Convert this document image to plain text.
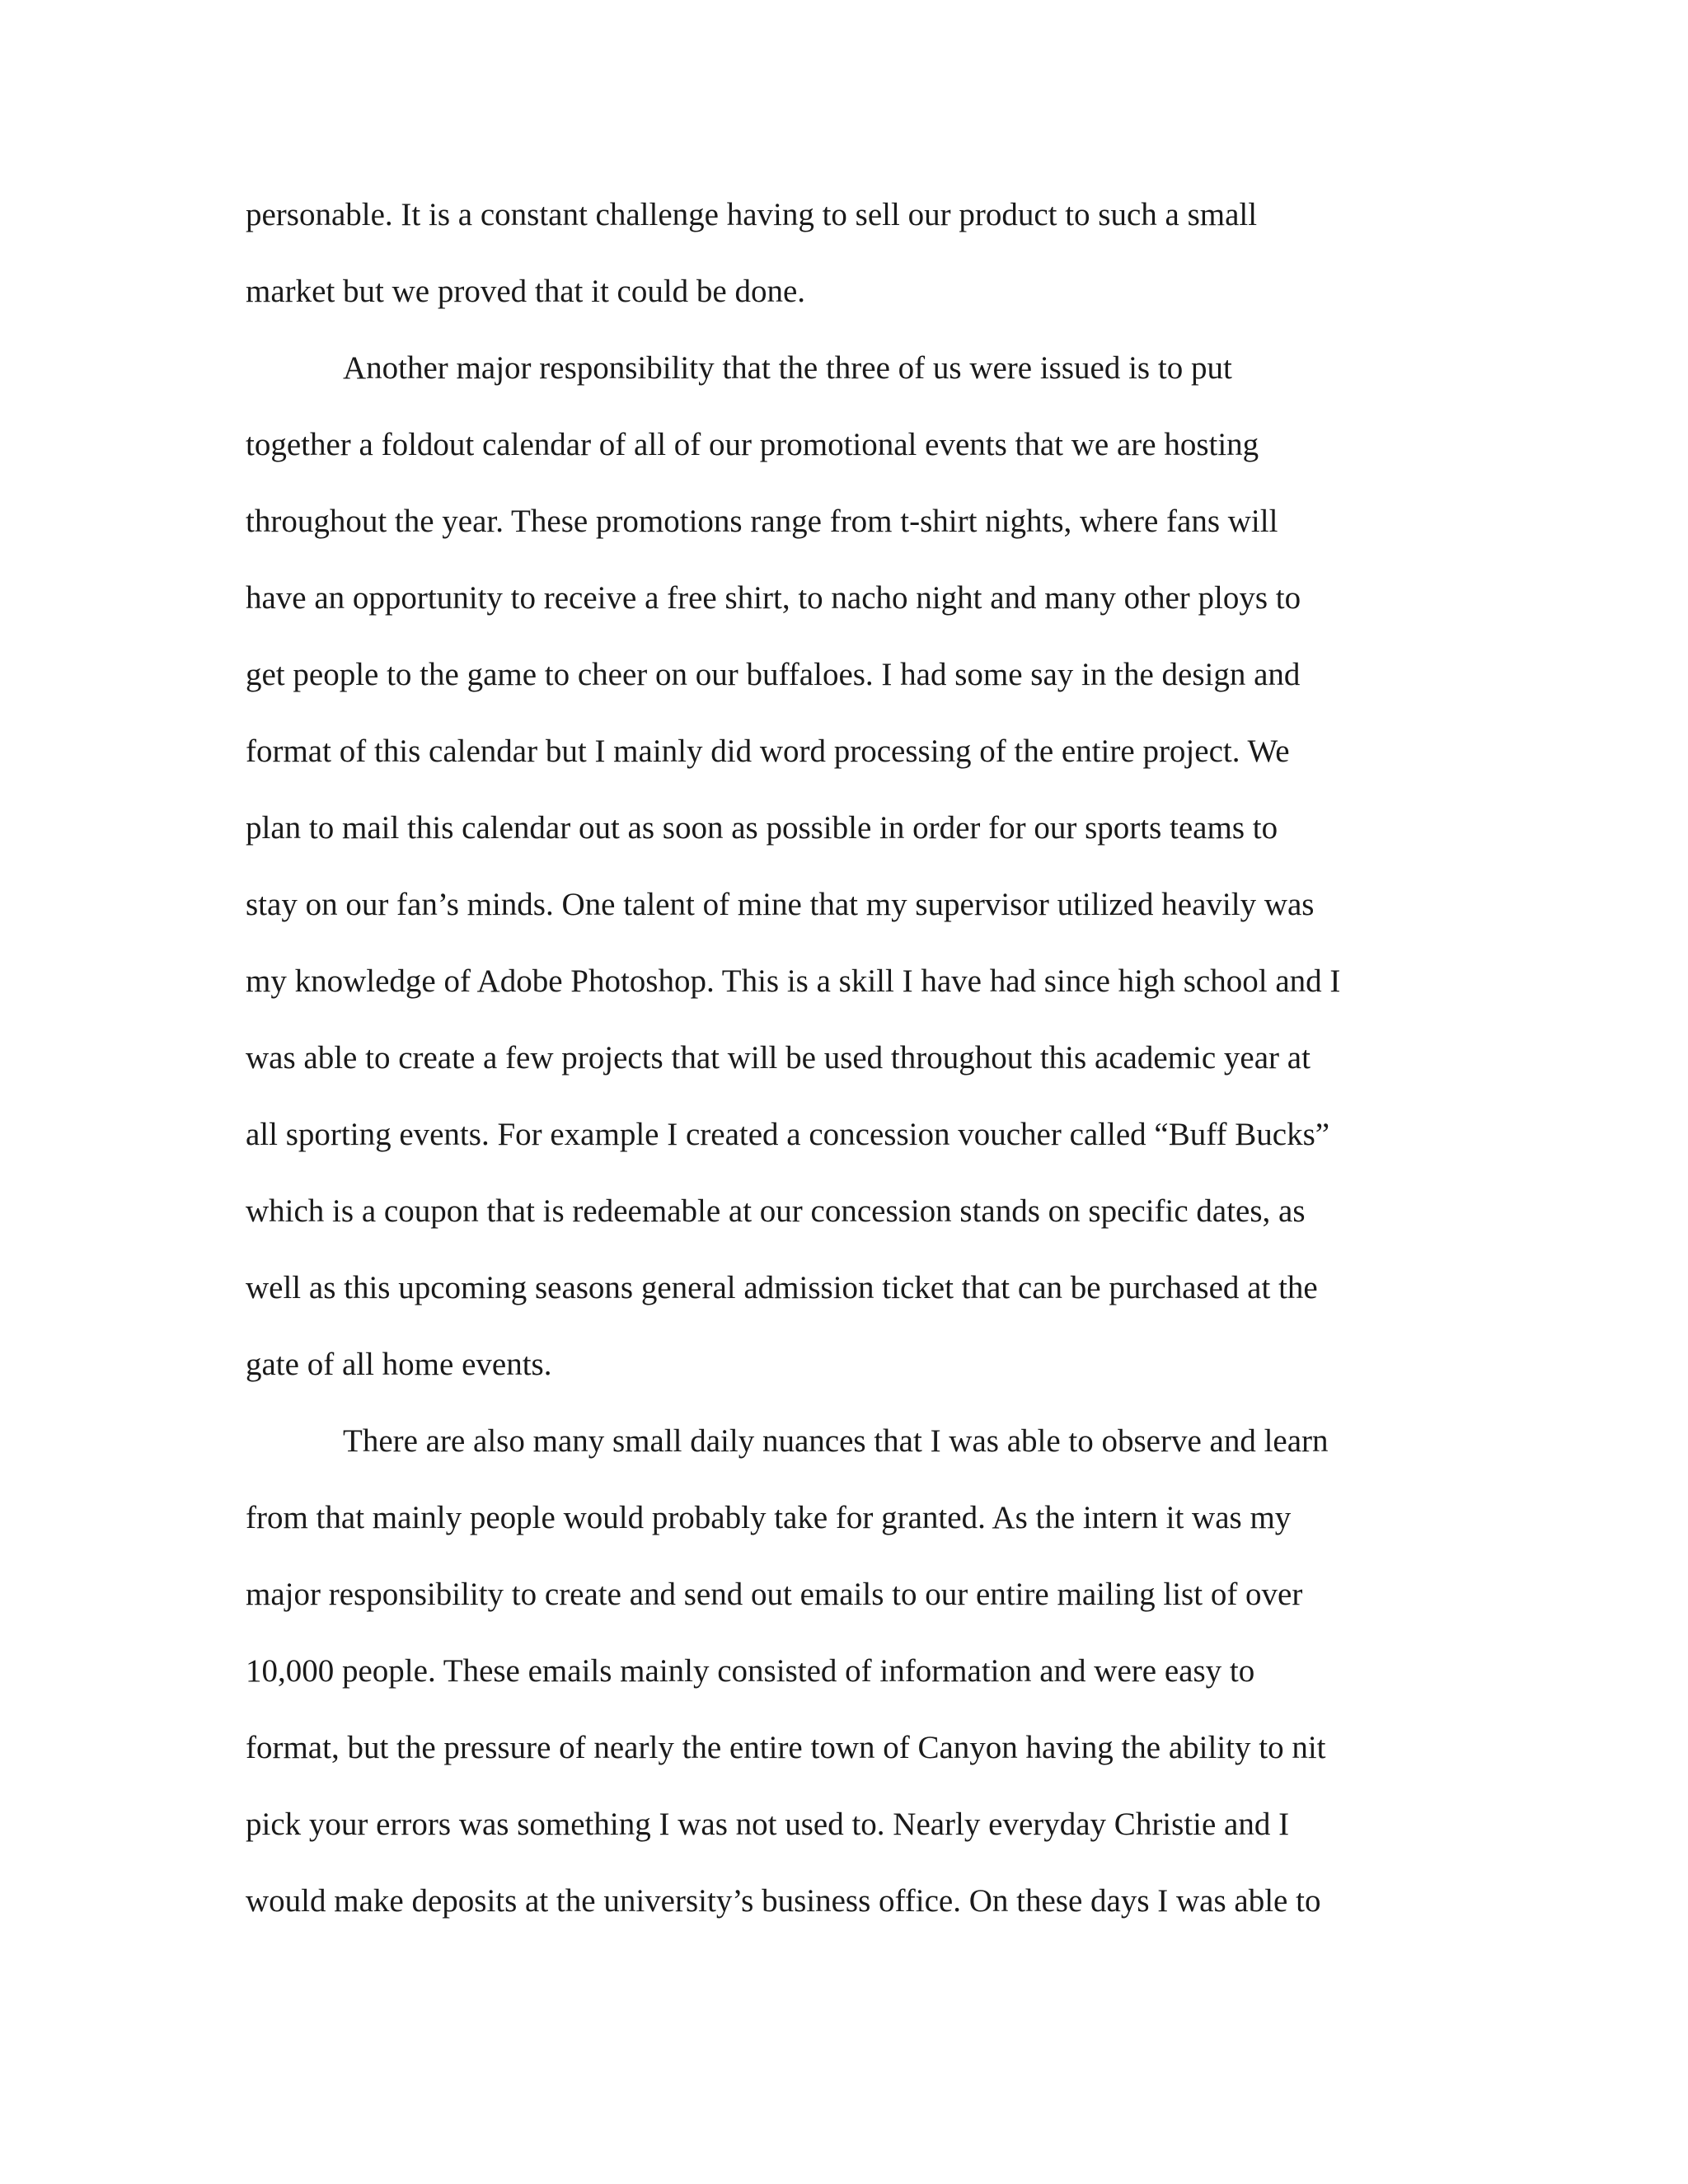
personable. It is a constant challenge having to sell our product to such a small
market but we proved that it could be done.
Another major responsibility that the three of us were issued is to put
together a foldout calendar of all of our promotional events that we are hosting
throughout the year. These promotions range from t-shirt nights, where fans will
have an opportunity to receive a free shirt, to nacho night and many other ploys to
get people to the game to cheer on our buffaloes. I had some say in the design and
format of this calendar but I mainly did word processing of the entire project. We
plan to mail this calendar out as soon as possible in order for our sports teams to
stay on our fan’s minds. One talent of mine that my supervisor utilized heavily was
my knowledge of Adobe Photoshop. This is a skill I have had since high school and I
was able to create a few projects that will be used throughout this academic year at
all sporting events. For example I created a concession voucher called “Buff Bucks”
which is a coupon that is redeemable at our concession stands on specific dates, as
well as this upcoming seasons general admission ticket that can be purchased at the
gate of all home events.
There are also many small daily nuances that I was able to observe and learn
from that mainly people would probably take for granted. As the intern it was my
major responsibility to create and send out emails to our entire mailing list of over
10,000 people. These emails mainly consisted of information and were easy to
format, but the pressure of nearly the entire town of Canyon having the ability to nit
pick your errors was something I was not used to. Nearly everyday Christie and I
would make deposits at the university’s business office. On these days I was able to
